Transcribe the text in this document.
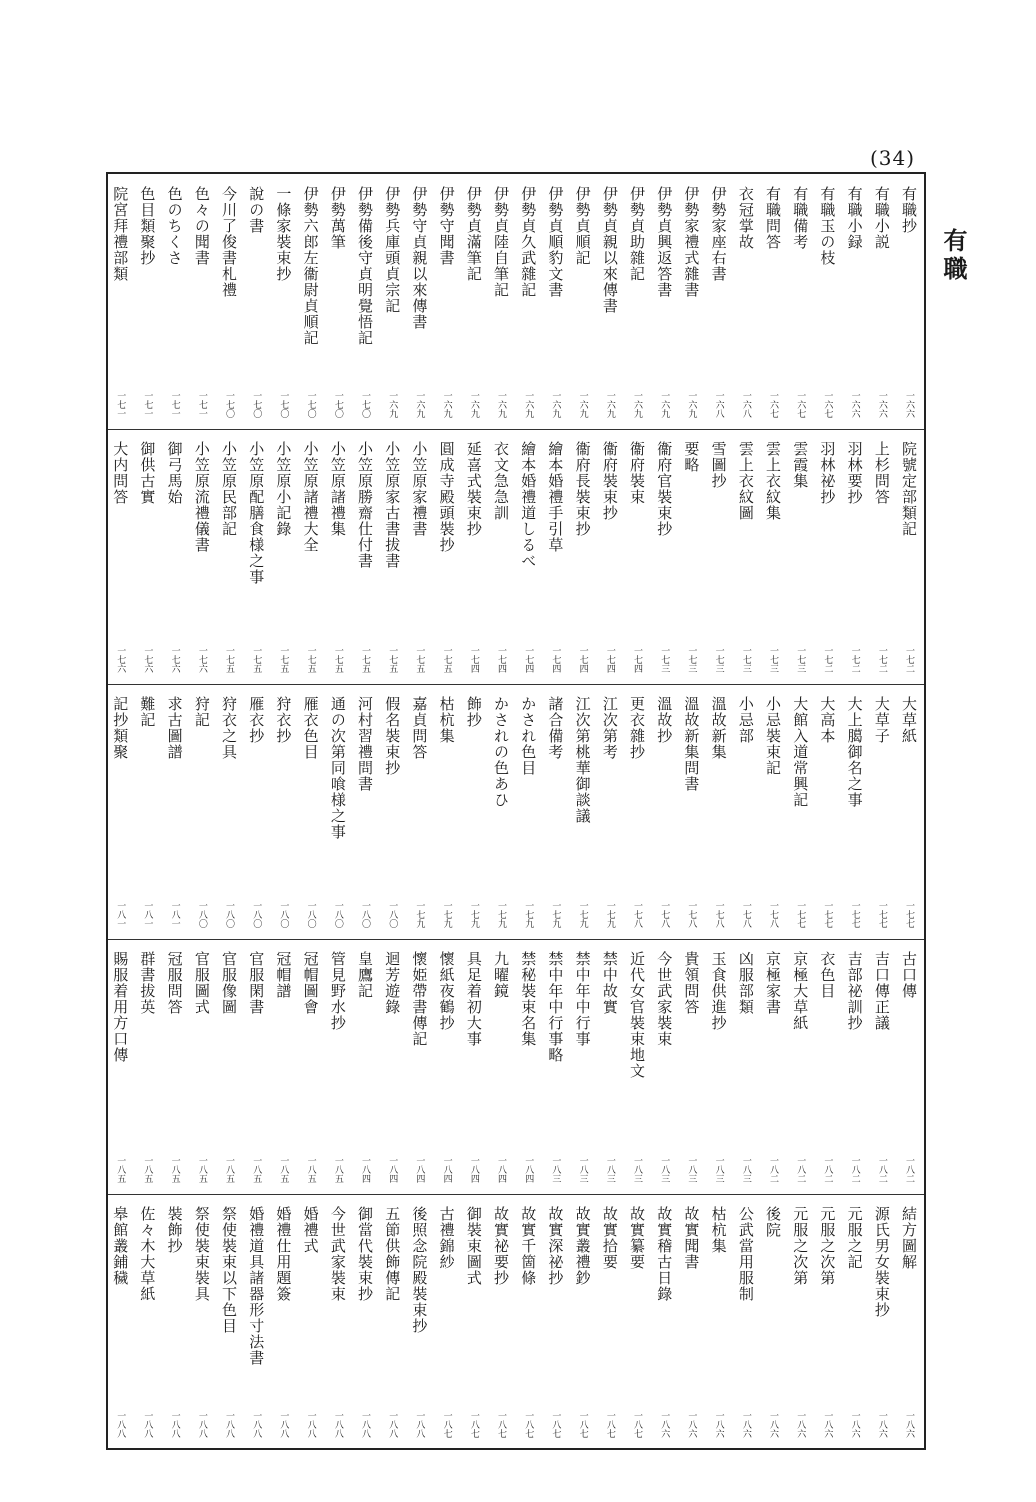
(34)
有職
有職抄
一六六
有職小説
一六六
有職小録
一六六
有職玉の枝
一六七
有職備考
一六七
有職問答
一六七
衣冠掌故
一六八
伊勢家座右書
一六八
伊勢家禮式雜書
一六九
伊勢貞興返答書
一六九
伊勢貞助雜記
一六九
伊勢貞親以來傳書
一六九
伊勢貞順記
一六九
伊勢貞順豹文書
一六九
伊勢貞久武雜記
一六九
伊勢貞陸自筆記
一六九
伊勢貞滿筆記
一六九
伊勢守聞書
一六九
伊勢守貞親以來傳書
一六九
伊勢兵庫頭貞宗記
一六九
伊勢備後守貞明覺悟記
一七〇
伊勢萬筆
一七〇
伊勢六郎左衞尉貞順記
一七〇
一條家裝束抄
一七〇
說の書
一七〇
今川了俊書札禮
一七〇
色々の聞書
一七一
色のちくさ
一七一
色目類聚抄
一七一
院宮拜禮部類
一七一
院號定部類記
一七二
上杉問答
一七二
羽林要抄
一七二
羽林祕抄
一七二
雲霞集
一七三
雲上衣紋集
一七三
雲上衣紋圖
一七三
雪圖抄
一七三
要略
一七三
衞府官裝束抄
一七三
衞府裝束
一七四
衞府裝束抄
一七四
衞府長裝束抄
一七四
繪本婚禮手引草
一七四
繪本婚禮道しるべ
一七四
衣文急急訓
一七四
延喜式裝束抄
一七四
圓成寺殿頭裝抄
一七五
小笠原家禮書
一七五
小笠原家古書拔書
一七五
小笠原勝齋仕付書
一七五
小笠原諸禮集
一七五
小笠原諸禮大全
一七五
小笠原小記錄
一七五
小笠原配膳食様之事
一七五
小笠原民部記
一七五
小笠原流禮儀書
一七六
御弓馬始
一七六
御供古實
一七六
大内問答
一七六
大草紙
一七七
大草子
一七七
大上臈御名之事
一七七
大高本
一七七
大館入道常興記
一七七
小忌裝束記
一七八
小忌部
一七八
溫故新集
一七八
溫故新集問書
一七八
溫故抄
一七八
更衣雜抄
一七八
江次第考
一七九
江次第桃華御談議
一七九
諸合備考
一七九
かされ色目
一七九
かされの色あひ
一七九
飾抄
一七九
枯杭集
一七九
嘉貞問答
一七九
假名裝束抄
一八〇
河村習禮問書
一八〇
通の次第同喰様之事
一八〇
雁衣色目
一八〇
狩衣抄
一八〇
雁衣抄
一八〇
狩衣之具
一八〇
狩記
一八〇
求古圖譜
一八一
難記
一八一
記抄類聚
一八一
古口傳
一八二
吉口傳正議
一八二
吉部祕訓抄
一八二
衣色目
一八二
京極大草紙
一八二
京極家書
一八二
凶服部類
一八三
玉食供進抄
一八三
貴領問答
一八三
今世武家裝束
一八三
近代女官裝束地文
一八三
禁中故實
一八三
禁中年中行事
一八三
禁中年中行事略
一八三
禁秘裝束名集
一八四
九曜鏡
一八四
具足着初大事
一八四
懷紙夜鶴抄
一八四
懷姫帶書傳記
一八四
迴芳遊錄
一八四
皇鷹記
一八四
管見野水抄
一八五
冠帽圖會
一八五
冠帽譜
一八五
官服閑書
一八五
官服像圖
一八五
官服圖式
一八五
冠服問答
一八五
群書拔英
一八五
賜服着用方口傳
一八五
結方圖解
一八六
源氏男女裝束抄
一八六
元服之記
一八六
元服之次第
一八六
元服之次第
一八六
後院
一八六
公武當用服制
一八六
枯杭集
一八六
故實聞書
一八六
故實稽古日錄
一八六
故實纂要
一八七
故實拾要
一八七
故實叢禮鈔
一八七
故實深祕抄
一八七
故實千箇條
一八七
故實祕要抄
一八七
御裝束圖式
一八七
古禮錦紗
一八七
後照念院殿裝束抄
一八八
五節供飾傳記
一八八
御當代裝束抄
一八八
今世武家裝束
一八八
婚禮式
一八八
婚禮仕用題簽
一八八
婚禮道具諸器形寸法書
一八八
祭使裝束以下色目
一八八
祭使裝束裝具
一八八
裝飾抄
一八八
佐々木大草紙
一八八
皋館叢鋪穢
一八八
